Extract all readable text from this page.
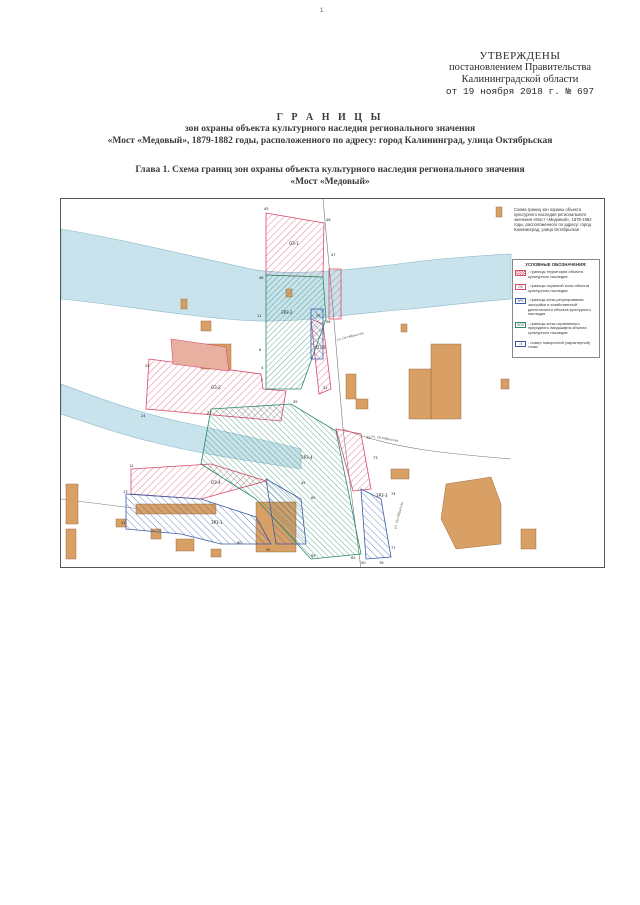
1
УТВЕРЖДЕНЫ
постановлением Правительства
Калининградской области
от 19 ноября 2018 г. № 697
Г Р А Н И Ц Ы
зон охраны объекта культурного наследия регионального значения
«Мост «Медовый», 1879-1882 годы, расположенного по адресу: город Калининград, улица Октябрьская
Глава 1. Схема границ зон охраны объекта культурного наследия регионального значения
«Мост «Медовый»
ОЗ-1
ОЗ-2
ОЗ-3
ОЗ-4
ЗРЗ-1
ЗРЗ-2
ЗРЗ-3
ЗРЗ-4
ул. Октябрьская
ул. Октябрьская
ул. Октябрьская
45
46
48
47
11	29
56
8
25
24
4
2
21
35
31
12
13
11
60
59
65	62
50	76
77
74
72
73
35
65
Схема границ зон охраны объекта культурного наследия регионального значения «Мост «Медовый», 1879-1882 годы, расположенного по адресу: город Калининград, улица Октябрьская
УСЛОВНЫЕ ОБОЗНАЧЕНИЯ:
- границы территории объекта культурного наследия
ОЗ	- границы охранной зоны объекта культурного наследия
ЗРЗ	- границы зоны регулирования застройки и хозяйственной деятельности объекта культурного наследия
ЗОЛ	- границы зоны охраняемого природного ландшафта объекта культурного наследия
- 5	- номер поворотной (характерной) точки
